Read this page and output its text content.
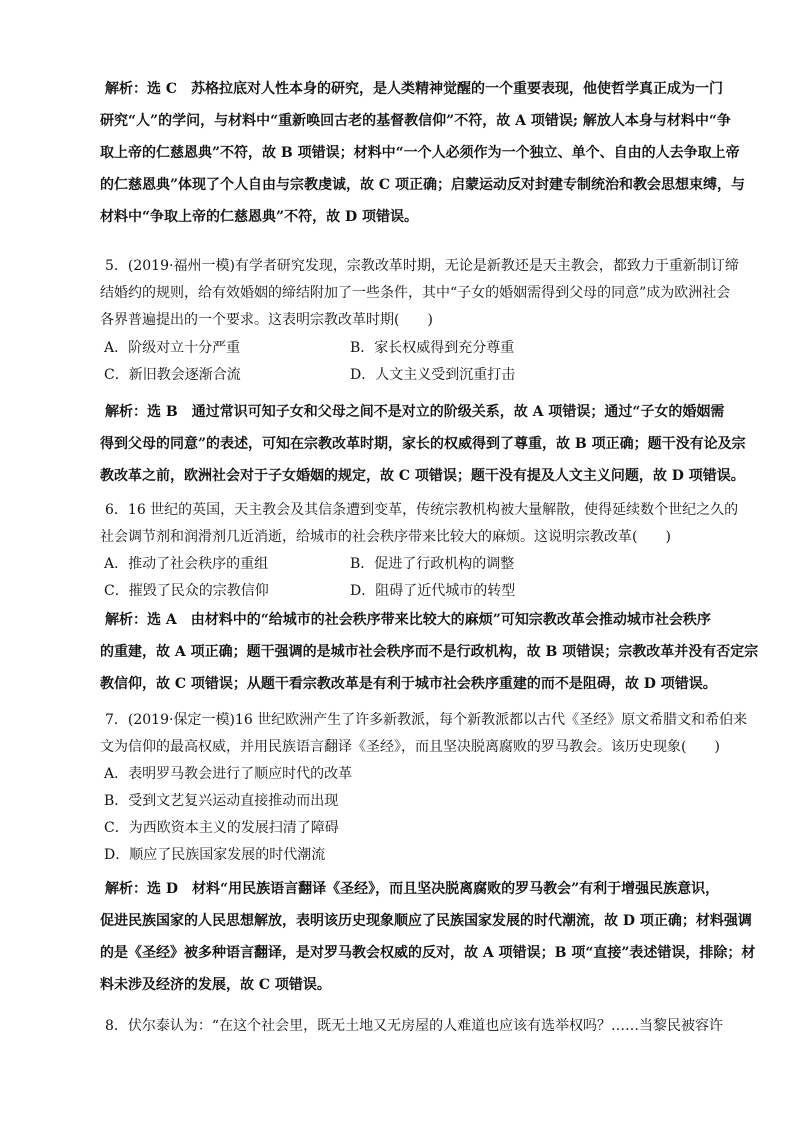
解析：选 C　苏格拉底对人性本身的研究，是人类精神觉醒的一个重要表现，他使哲学真正成为一门
研究“人”的学问，与材料中“重新唤回古老的基督教信仰”不符，故 A 项错误; 解放人本身与材料中“争
取上帝的仁慈恩典”不符，故 B 项错误；材料中“一个人必须作为一个独立、单个、自由的人去争取上帝
的仁慈恩典”体现了个人自由与宗教虔诚，故 C 项正确；启蒙运动反对封建专制统治和教会思想束缚，与
材料中“争取上帝的仁慈恩典”不符，故 D 项错误。
5．(2019·福州一模)有学者研究发现，宗教改革时期，无论是新教还是天主教会，都致力于重新制订缔
结婚约的规则，给有效婚姻的缔结附加了一些条件，其中“子女的婚姻需得到父母的同意”成为欧洲社会
各界普遍提出的一个要求。这表明宗教改革时期(　　)
A．阶级对立十分严重	B．家长权威得到充分尊重
C．新旧教会逐渐合流	D．人文主义受到沉重打击
解析：选 B　通过常识可知子女和父母之间不是对立的阶级关系，故 A 项错误；通过“子女的婚姻需
得到父母的同意”的表述，可知在宗教改革时期，家长的权威得到了尊重，故 B 项正确；题干没有论及宗
教改革之前，欧洲社会对于子女婚姻的规定，故 C 项错误；题干没有提及人文主义问题，故 D 项错误。
6．16 世纪的英国，天主教会及其信条遭到变革，传统宗教机构被大量解散，使得延续数个世纪之久的
社会调节剂和润滑剂几近消逝，给城市的社会秩序带来比较大的麻烦。这说明宗教改革(　　)
A．推动了社会秩序的重组	B．促进了行政机构的调整
C．摧毁了民众的宗教信仰	D．阻碍了近代城市的转型
解析：选 A　由材料中的“给城市的社会秩序带来比较大的麻烦”可知宗教改革会推动城市社会秩序
的重建，故 A 项正确；题干强调的是城市社会秩序而不是行政机构，故 B 项错误；宗教改革并没有否定宗
教信仰，故 C 项错误；从题干看宗教改革是有利于城市社会秩序重建的而不是阻碍，故 D 项错误。
7．(2019·保定一模)16 世纪欧洲产生了许多新教派，每个新教派都以古代《圣经》原文希腊文和希伯来
文为信仰的最高权威，并用民族语言翻译《圣经》，而且坚决脱离腐败的罗马教会。该历史现象(　　)
A．表明罗马教会进行了顺应时代的改革
B．受到文艺复兴运动直接推动而出现
C．为西欧资本主义的发展扫清了障碍
D．顺应了民族国家发展的时代潮流
解析：选 D　材料“用民族语言翻译《圣经》，而且坚决脱离腐败的罗马教会”有利于增强民族意识，
促进民族国家的人民思想解放，表明该历史现象顺应了民族国家发展的时代潮流，故 D 项正确；材料强调
的是《圣经》被多种语言翻译，是对罗马教会权威的反对，故 A 项错误；B 项“直接”表述错误，排除；材
料未涉及经济的发展，故 C 项错误。
8．伏尔泰认为：“在这个社会里，既无土地又无房屋的人难道也应该有选举权吗？……当黎民被容许
